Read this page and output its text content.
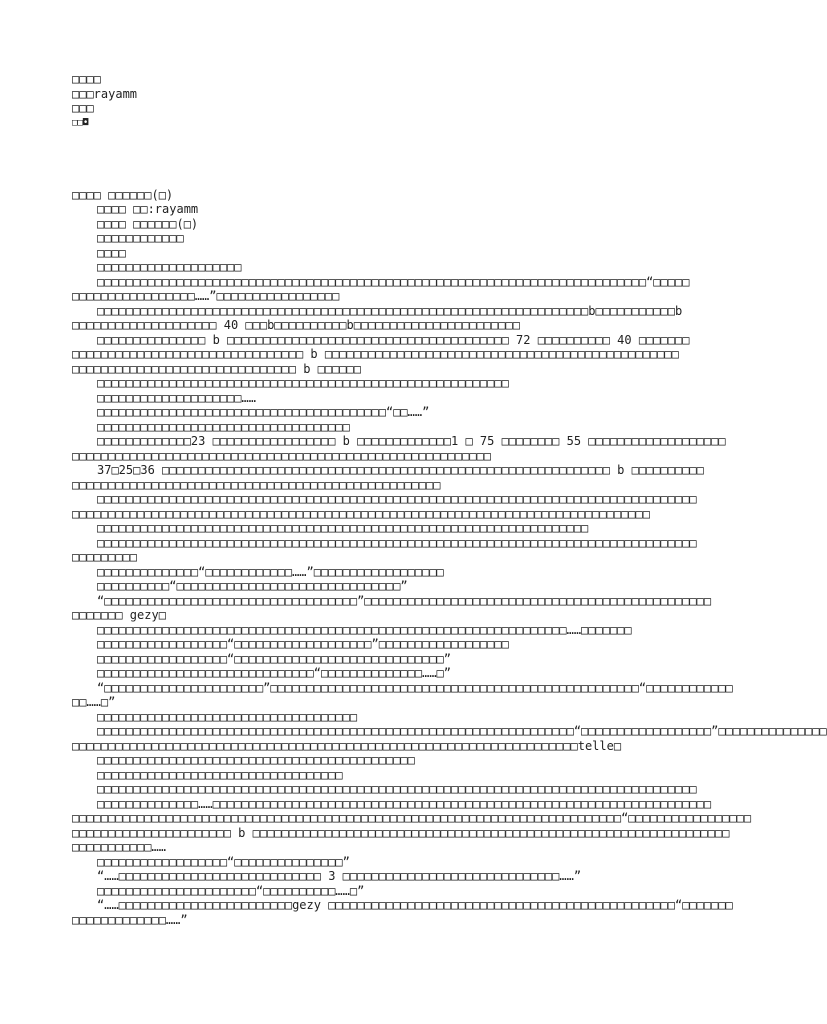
□□□□
□□□rayamm
□□□
□□◘
□□□□ □□□□□□(□)
□□□□ □□:rayamm
□□□□ □□□□□□(□)
□□□□□□□□□□□□
□□□□
□□□□□□□□□□□□□□□□□□□□
□□□□□□□□□□□□□□□□□□□□□□□□□□□□□□□□□□□□□□□□□□□□□□□□□□□□□□□□□□□□□□□□□□□□□□□□□□□□“□□□□□
□□□□□□□□□□□□□□□□□……”□□□□□□□□□□□□□□□□□
□□□□□□□□□□□□□□□□□□□□□□□□□□□□□□□□□□□□□□□□□□□□□□□□□□□□□□□□□□□□□□□□□□□□b□□□□□□□□□□□b
□□□□□□□□□□□□□□□□□□□□ 40 □□□b□□□□□□□□□□b□□□□□□□□□□□□□□□□□□□□□□□
□□□□□□□□□□□□□□□ b □□□□□□□□□□□□□□□□□□□□□□□□□□□□□□□□□□□□□□□ 72 □□□□□□□□□□ 40 □□□□□□□
□□□□□□□□□□□□□□□□□□□□□□□□□□□□□□□□ b □□□□□□□□□□□□□□□□□□□□□□□□□□□□□□□□□□□□□□□□□□□□□□□□□
□□□□□□□□□□□□□□□□□□□□□□□□□□□□□□□ b □□□□□□
□□□□□□□□□□□□□□□□□□□□□□□□□□□□□□□□□□□□□□□□□□□□□□□□□□□□□□□□□
□□□□□□□□□□□□□□□□□□□□……
□□□□□□□□□□□□□□□□□□□□□□□□□□□□□□□□□□□□□□□□“□□……”
□□□□□□□□□□□□□□□□□□□□□□□□□□□□□□□□□□□
□□□□□□□□□□□□□23 □□□□□□□□□□□□□□□□□ b □□□□□□□□□□□□□1 □ 75 □□□□□□□□ 55 □□□□□□□□□□□□□□□□□□□
□□□□□□□□□□□□□□□□□□□□□□□□□□□□□□□□□□□□□□□□□□□□□□□□□□□□□□□□□□
37□25□36 □□□□□□□□□□□□□□□□□□□□□□□□□□□□□□□□□□□□□□□□□□□□□□□□□□□□□□□□□□□□□□ b □□□□□□□□□□
□□□□□□□□□□□□□□□□□□□□□□□□□□□□□□□□□□□□□□□□□□□□□□□□□□□
□□□□□□□□□□□□□□□□□□□□□□□□□□□□□□□□□□□□□□□□□□□□□□□□□□□□□□□□□□□□□□□□□□□□□□□□□□□□□□□□□□□
□□□□□□□□□□□□□□□□□□□□□□□□□□□□□□□□□□□□□□□□□□□□□□□□□□□□□□□□□□□□□□□□□□□□□□□□□□□□□□□□
□□□□□□□□□□□□□□□□□□□□□□□□□□□□□□□□□□□□□□□□□□□□□□□□□□□□□□□□□□□□□□□□□□□□
□□□□□□□□□□□□□□□□□□□□□□□□□□□□□□□□□□□□□□□□□□□□□□□□□□□□□□□□□□□□□□□□□□□□□□□□□□□□□□□□□□□
□□□□□□□□□
□□□□□□□□□□□□□□“□□□□□□□□□□□□……”□□□□□□□□□□□□□□□□□□
□□□□□□□□□□“□□□□□□□□□□□□□□□□□□□□□□□□□□□□□□□”
“□□□□□□□□□□□□□□□□□□□□□□□□□□□□□□□□□□□”□□□□□□□□□□□□□□□□□□□□□□□□□□□□□□□□□□□□□□□□□□□□□□□□
□□□□□□□ gezy□
□□□□□□□□□□□□□□□□□□□□□□□□□□□□□□□□□□□□□□□□□□□□□□□□□□□□□□□□□□□□□□□□□……□□□□□□□
□□□□□□□□□□□□□□□□□□“□□□□□□□□□□□□□□□□□□□”□□□□□□□□□□□□□□□□□□
□□□□□□□□□□□□□□□□□□“□□□□□□□□□□□□□□□□□□□□□□□□□□□□□”
□□□□□□□□□□□□□□□□□□□□□□□□□□□□□□“□□□□□□□□□□□□□□……□”
“□□□□□□□□□□□□□□□□□□□□□□”□□□□□□□□□□□□□□□□□□□□□□□□□□□□□□□□□□□□□□□□□□□□□□□□□□□“□□□□□□□□□□□□
□□……□”
□□□□□□□□□□□□□□□□□□□□□□□□□□□□□□□□□□□□
□□□□□□□□□□□□□□□□□□□□□□□□□□□□□□□□□□□□□□□□□□□□□□□□□□□□□□□□□□□□□□□□□□“□□□□□□□□□□□□□□□□□□”□□□□□□□□□□□□□□□
□□□□□□□□□□□□□□□□□□□□□□□□□□□□□□□□□□□□□□□□□□□□□□□□□□□□□□□□□□□□□□□□□□□□□□telle□
□□□□□□□□□□□□□□□□□□□□□□□□□□□□□□□□□□□□□□□□□□□□
□□□□□□□□□□□□□□□□□□□□□□□□□□□□□□□□□□
□□□□□□□□□□□□□□□□□□□□□□□□□□□□□□□□□□□□□□□□□□□□□□□□□□□□□□□□□□□□□□□□□□□□□□□□□□□□□□□□□□□
□□□□□□□□□□□□□□……□□□□□□□□□□□□□□□□□□□□□□□□□□□□□□□□□□□□□□□□□□□□□□□□□□□□□□□□□□□□□□□□□□□□□
□□□□□□□□□□□□□□□□□□□□□□□□□□□□□□□□□□□□□□□□□□□□□□□□□□□□□□□□□□□□□□□□□□□□□□□□□□□□“□□□□□□□□□□□□□□□□□
□□□□□□□□□□□□□□□□□□□□□□ b □□□□□□□□□□□□□□□□□□□□□□□□□□□□□□□□□□□□□□□□□□□□□□□□□□□□□□□□□□□□□□□□□□
□□□□□□□□□□□……
□□□□□□□□□□□□□□□□□□“□□□□□□□□□□□□□□□”
“……□□□□□□□□□□□□□□□□□□□□□□□□□□□□ 3 □□□□□□□□□□□□□□□□□□□□□□□□□□□□□□……”
□□□□□□□□□□□□□□□□□□□□□□“□□□□□□□□□□……□”
“……□□□□□□□□□□□□□□□□□□□□□□□□gezy □□□□□□□□□□□□□□□□□□□□□□□□□□□□□□□□□□□□□□□□□□□□□□□□“□□□□□□□
□□□□□□□□□□□□□……”
